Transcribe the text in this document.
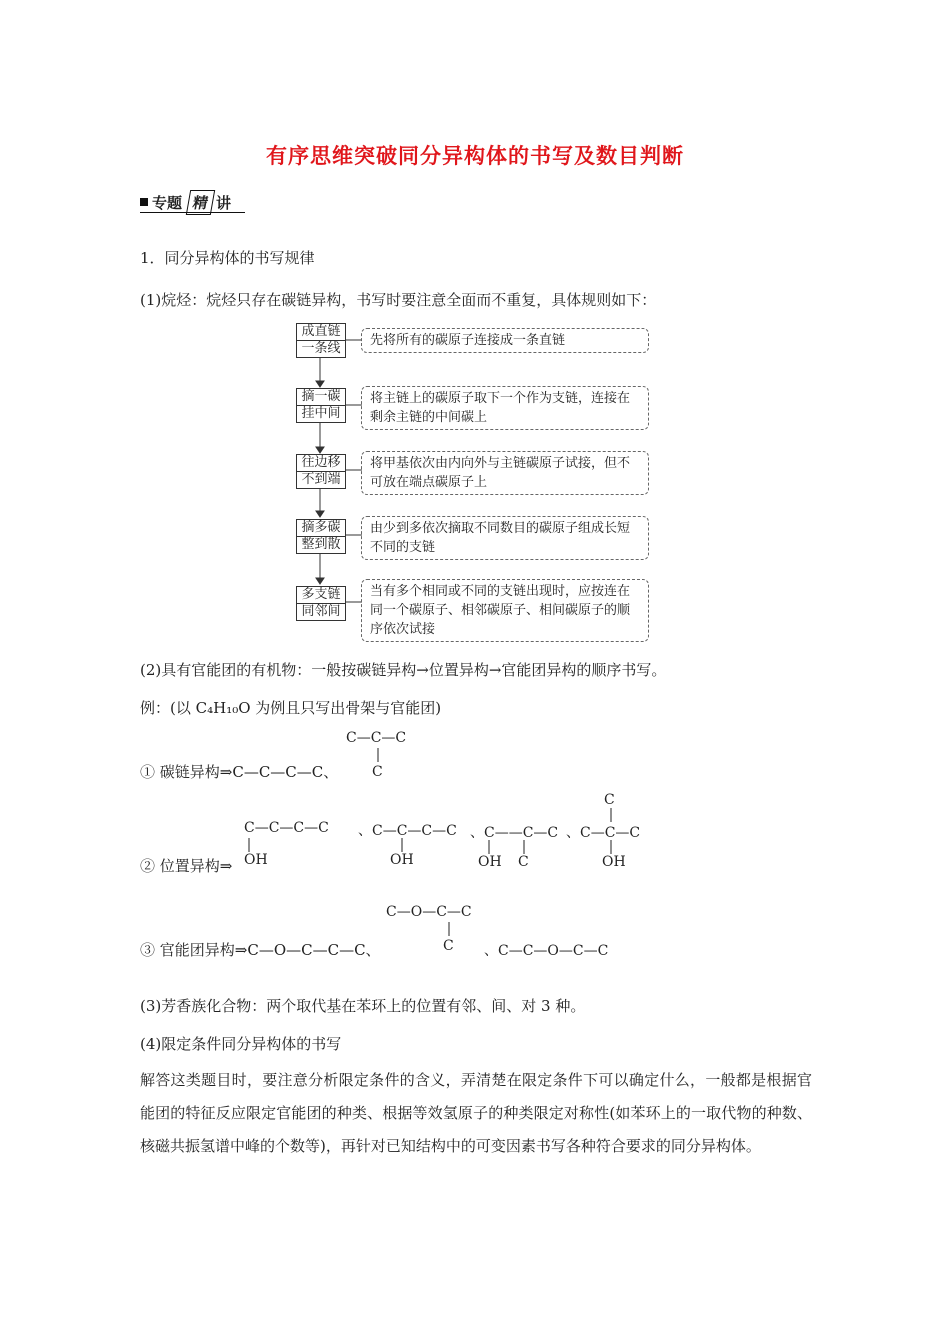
有序思维突破同分异构体的书写及数目判断
专题 精 讲
1．同分异构体的书写规律
(1)烷烃：烷烃只存在碳链异构，书写时要注意全面而不重复，具体规则如下：
成直链
一条线
先将所有的碳原子连接成一条直链
摘一碳
挂中间
将主链上的碳原子取下一个作为支链，连接在剩余主链的中间碳上
往边移
不到端
将甲基依次由内向外与主链碳原子试接，但不可放在端点碳原子上
摘多碳
整到散
由少到多依次摘取不同数目的碳原子组成长短不同的支链
多支链
同邻间
当有多个相同或不同的支链出现时，应按连在同一个碳原子、相邻碳原子、相间碳原子的顺序依次试接
(2)具有官能团的有机物：一般按碳链异构→位置异构→官能团异构的顺序书写。
例：(以 C₄H₁₀O 为例且只写出骨架与官能团)
C—C—C
① 碳链异构⇒C—C—C—C、 C
C—C—C—C 、C—C—C—C 、C——C—C 、C—C—C
C
② 位置异构⇒ OH	OH	OH C	OH
C—O—C—C
③ 官能团异构⇒C—O—C—C—C、	C 、C—C—O—C—C
(3)芳香族化合物：两个取代基在苯环上的位置有邻、间、对 3 种。
(4)限定条件同分异构体的书写
解答这类题目时，要注意分析限定条件的含义，弄清楚在限定条件下可以确定什么，一般都是根据官能团的特征反应限定官能团的种类、根据等效氢原子的种类限定对称性(如苯环上的一取代物的种数、核磁共振氢谱中峰的个数等)，再针对已知结构中的可变因素书写各种符合要求的同分异构体。
